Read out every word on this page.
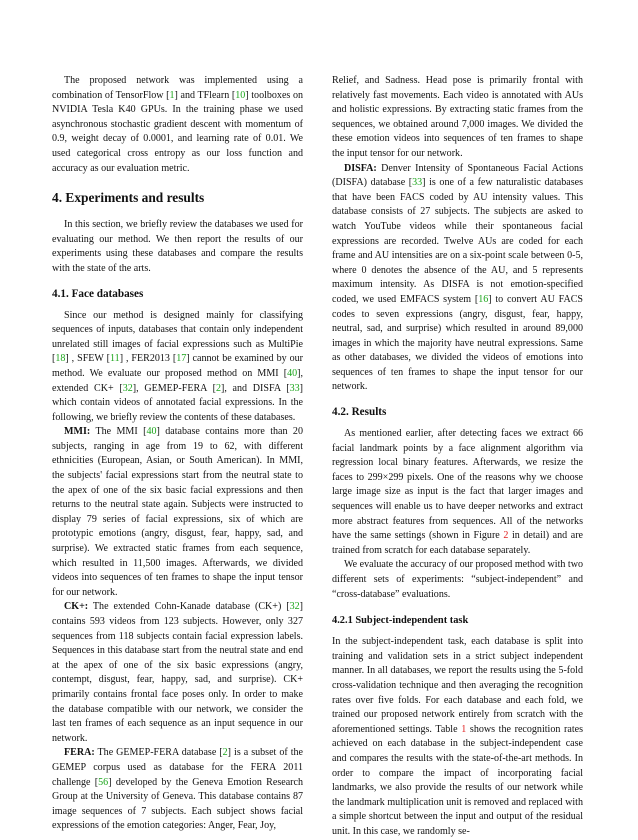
The proposed network was implemented using a combination of TensorFlow [1] and TFlearn [10] toolboxes on NVIDIA Tesla K40 GPUs. In the training phase we used asynchronous stochastic gradient descent with momentum of 0.9, weight decay of 0.0001, and learning rate of 0.01. We used categorical cross entropy as our loss function and accuracy as our evaluation metric.

4. Experiments and results

In this section, we briefly review the databases we used for evaluating our method. We then report the results of our experiments using these databases and compare the results with the state of the arts.

4.1. Face databases

Since our method is designed mainly for classifying sequences of inputs, databases that contain only independent unrelated still images of facial expressions such as MultiPie [18] , SFEW [11] , FER2013 [17] cannot be examined by our method. We evaluate our proposed method on MMI [40], extended CK+ [32], GEMEP-FERA [2], and DISFA [33] which contain videos of annotated facial expressions. In the following, we briefly review the contents of these databases.

MMI: The MMI [40] database contains more than 20 subjects, ranging in age from 19 to 62, with different ethnicities (European, Asian, or South American). In MMI, the subjects' facial expressions start from the neutral state to the apex of one of the six basic facial expressions and then returns to the neutral state again. Subjects were instructed to display 79 series of facial expressions, six of which are prototypic emotions (angry, disgust, fear, happy, sad, and surprise). We extracted static frames from each sequence, which resulted in 11,500 images. Afterwards, we divided videos into sequences of ten frames to shape the input tensor for our network.

CK+: The extended Cohn-Kanade database (CK+) [32] contains 593 videos from 123 subjects. However, only 327 sequences from 118 subjects contain facial expression labels. Sequences in this database start from the neutral state and end at the apex of one of the six basic expressions (angry, contempt, disgust, fear, happy, sad, and surprise). CK+ primarily contains frontal face poses only. In order to make the database compatible with our network, we consider the last ten frames of each sequence as an input sequence in our network.

FERA: The GEMEP-FERA database [2] is a subset of the GEMEP corpus used as database for the FERA 2011 challenge [56] developed by the Geneva Emotion Research Group at the University of Geneva. This database contains 87 image sequences of 7 subjects. Each subject shows facial expressions of the emotion categories: Anger, Fear, Joy,

Relief, and Sadness. Head pose is primarily frontal with relatively fast movements. Each video is annotated with AUs and holistic expressions. By extracting static frames from the sequences, we obtained around 7,000 images. We divided the these emotion videos into sequences of ten frames to shape the input tensor for our network.

DISFA: Denver Intensity of Spontaneous Facial Actions (DISFA) database [33] is one of a few naturalistic databases that have been FACS coded by AU intensity values. This database consists of 27 subjects. The subjects are asked to watch YouTube videos while their spontaneous facial expressions are recorded. Twelve AUs are coded for each frame and AU intensities are on a six-point scale between 0-5, where 0 denotes the absence of the AU, and 5 represents maximum intensity. As DISFA is not emotion-specified coded, we used EMFACS system [16] to convert AU FACS codes to seven expressions (angry, disgust, fear, happy, neutral, sad, and surprise) which resulted in around 89,000 images in which the majority have neutral expressions. Same as other databases, we divided the videos of emotions into sequences of ten frames to shape the input tensor for our network.

4.2. Results

As mentioned earlier, after detecting faces we extract 66 facial landmark points by a face alignment algorithm via regression local binary features. Afterwards, we resize the faces to 299×299 pixels. One of the reasons why we choose large image size as input is the fact that larger images and sequences will enable us to have deeper networks and extract more abstract features from sequences. All of the networks have the same settings (shown in Figure 2 in detail) and are trained from scratch for each database separately.

We evaluate the accuracy of our proposed method with two different sets of experiments: “subject-independent” and “cross-database” evaluations.

4.2.1 Subject-independent task

In the subject-independent task, each database is split into training and validation sets in a strict subject independent manner. In all databases, we report the results using the 5-fold cross-validation technique and then averaging the recognition rates over five folds. For each database and each fold, we trained our proposed network entirely from scratch with the aforementioned settings. Table 1 shows the recognition rates achieved on each database in the subject-independent case and compares the results with the state-of-the-art methods. In order to compare the impact of incorporating facial landmarks, we also provide the results of our network while the landmark multiplication unit is removed and replaced with a simple shortcut between the input and output of the residual unit. In this case, we randomly se-
